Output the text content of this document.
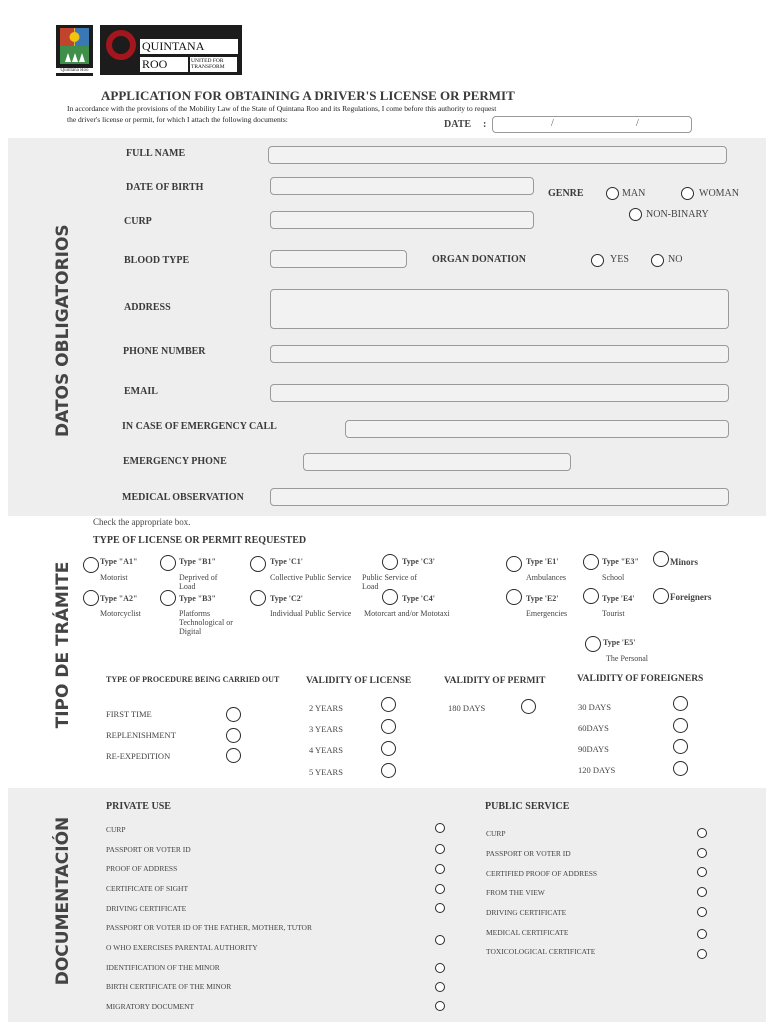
Quintana Roo
QUINTANA
ROO	UNITED FOR TRANSFORM
APPLICATION FOR OBTAINING A DRIVER'S LICENSE OR PERMIT
In accordance with the provisions of the Mobility Law of the State of Quintana Roo and its Regulations, I come before this authority to request
the driver's license or permit, for which I attach the following documents:	DATE :	/	/
DATOS OBLIGATORIOS
FULL NAME
DATE OF BIRTH
GENRE	MAN	WOMAN
NON-BINARY
CURP
BLOOD TYPE	ORGAN DONATION	YES	NO
ADDRESS
PHONE NUMBER
EMAIL
IN CASE OF EMERGENCY CALL
EMERGENCY PHONE
MEDICAL OBSERVATION
TIPO DE TRÁMITE
Check the appropriate box.
TYPE OF LICENSE OR PERMIT REQUESTED
Type "A1"
Motorist
Type "B1"
Deprived of Load
Type 'C1'
Collective Public Service
Type 'C3'
Public Service of Load
Type 'E1'
Ambulances
Type "E3"
School
Minors
Type "A2"
Motorcyclist
Type "B3"
Platforms Technological or Digital
Type 'C2'
Individual Public Service
Type 'C4'
Motorcart and/or Mototaxi
Type 'E2'
Emergencies
Type 'E4'
Tourist
Foreigners
Type 'E5'
The Personal
TYPE OF PROCEDURE BEING CARRIED OUT
FIRST TIME
REPLENISHMENT
RE-EXPEDITION
VALIDITY OF LICENSE
2 YEARS
3 YEARS
4 YEARS
5 YEARS
VALIDITY OF PERMIT
180 DAYS
VALIDITY OF FOREIGNERS
30 DAYS
60DAYS
90DAYS
120 DAYS
DOCUMENTACIÓN
PRIVATE USE
CURP
PASSPORT OR VOTER ID
PROOF OF ADDRESS
CERTIFICATE OF SIGHT
DRIVING CERTIFICATE
PASSPORT OR VOTER ID OF THE FATHER, MOTHER, TUTOR
O WHO EXERCISES PARENTAL AUTHORITY
IDENTIFICATION OF THE MINOR
BIRTH CERTIFICATE OF THE MINOR
MIGRATORY DOCUMENT
PUBLIC SERVICE
CURP
PASSPORT OR VOTER ID
CERTIFIED PROOF OF ADDRESS
FROM THE VIEW
DRIVING CERTIFICATE
MEDICAL CERTIFICATE
TOXICOLOGICAL CERTIFICATE
